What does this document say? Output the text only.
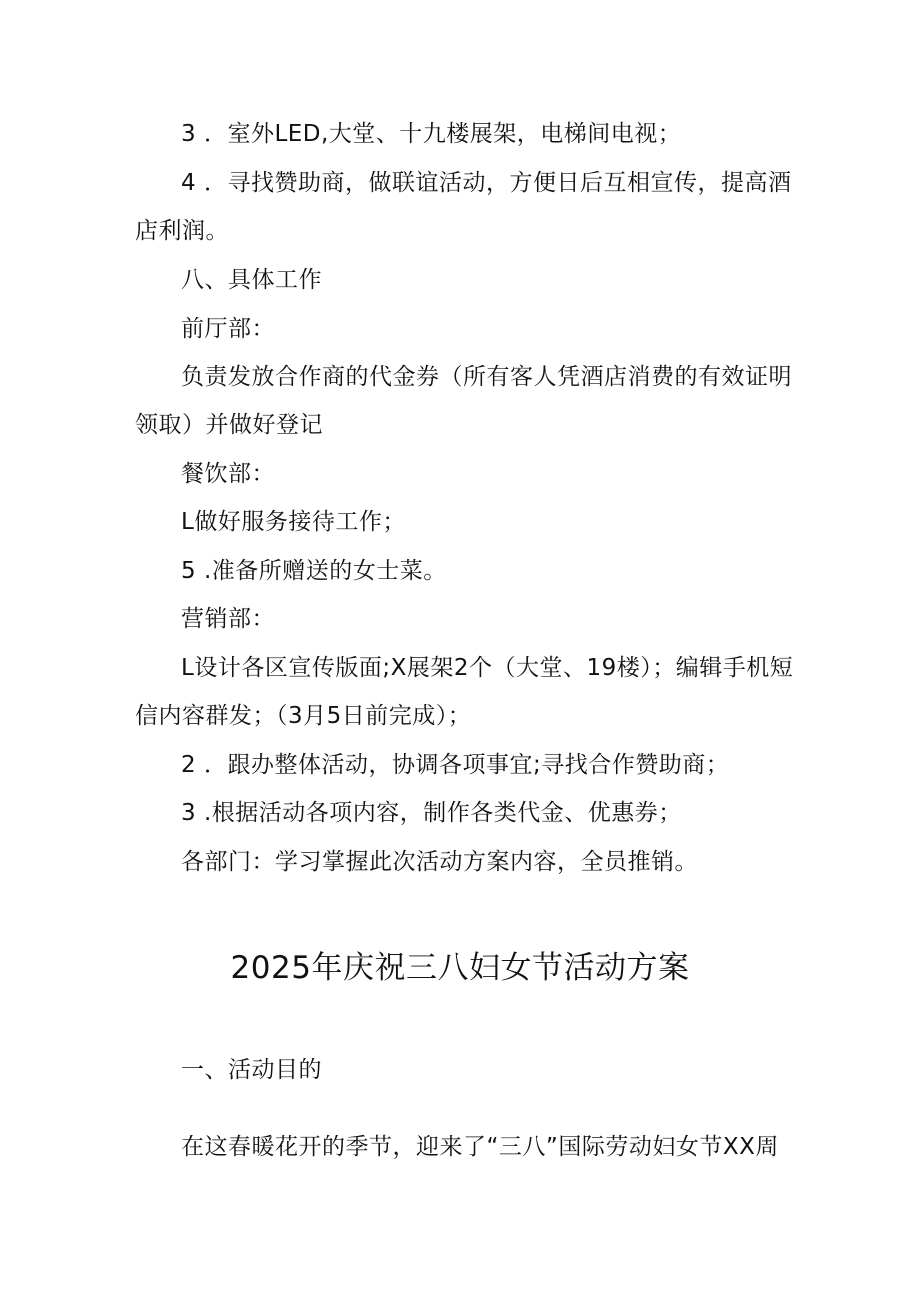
3 ．室外LED,大堂、十九楼展架，电梯间电视；
4 ．寻找赞助商，做联谊活动，方便日后互相宣传，提高酒
店利润。
八、具体工作
前厅部：
负责发放合作商的代金券（所有客人凭酒店消费的有效证明
领取）并做好登记
餐饮部：
L做好服务接待工作；
5 .准备所赠送的女士菜。
营销部：
L设计各区宣传版面;X展架2个（大堂、19楼）；编辑手机短
信内容群发；（3月5日前完成）；
2 ．跟办整体活动，协调各项事宜;寻找合作赞助商；
3 .根据活动各项内容，制作各类代金、优惠券；
各部门：学习掌握此次活动方案内容，全员推销。
2025年庆祝三八妇女节活动方案
一、活动目的
在这春暖花开的季节，迎来了“三八”国际劳动妇女节XX周
